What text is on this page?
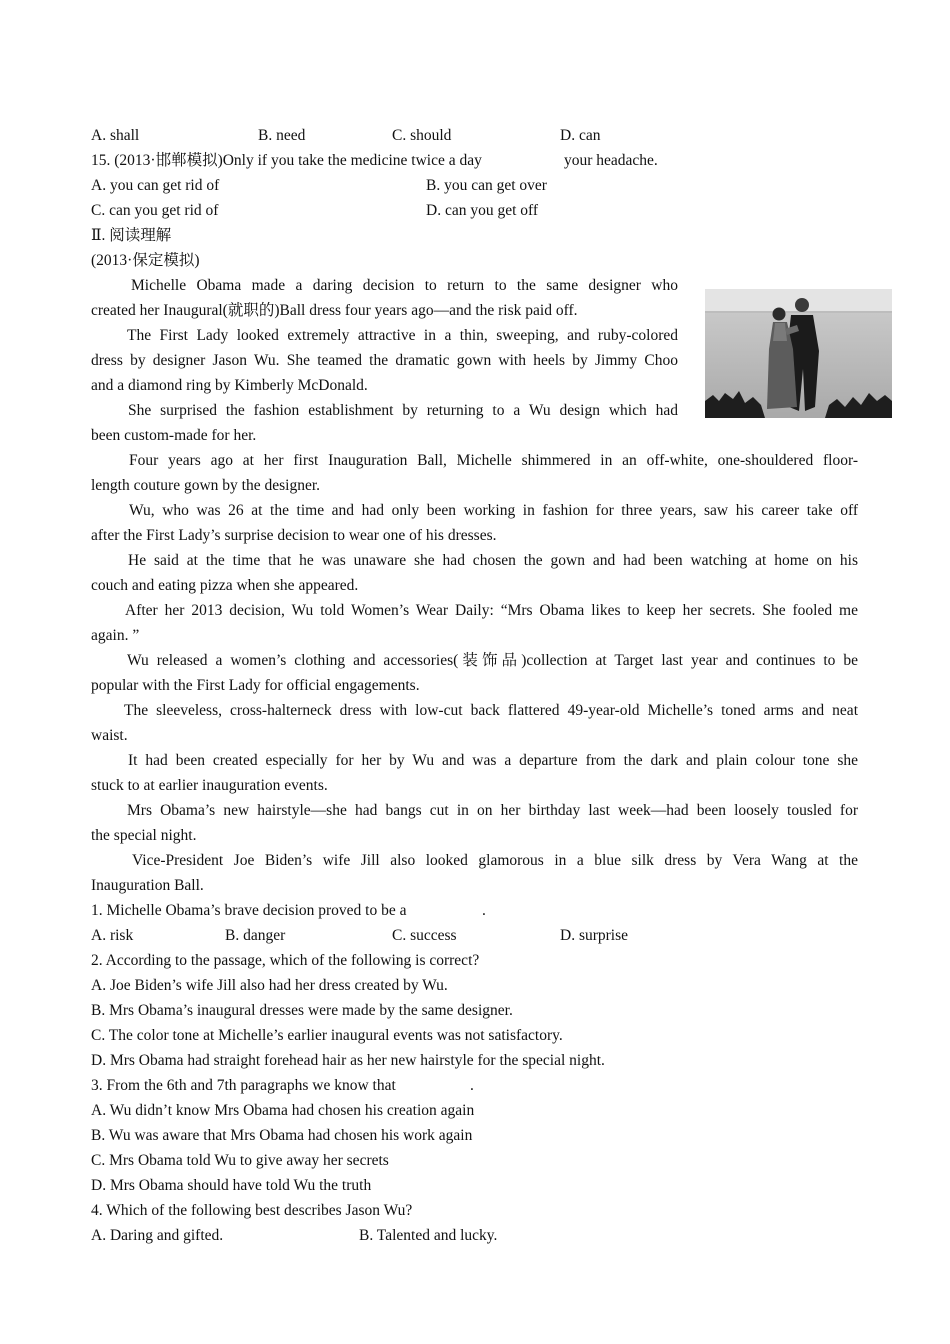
A. shall	B. need	C. should	D. can
15. (2013·邯郸模拟)Only if you take the medicine twice a day	your headache.
A. you can get rid of	B. you can get over
C. can you get rid of	D. can you get off
Ⅱ. 阅读理解
(2013·保定模拟)
Michelle Obama made a daring decision to return to the same designer who
created her Inaugural(就职的)Ball dress four years ago—and the risk paid off.
The First Lady looked extremely attractive in a thin, sweeping, and ruby-colored
dress by designer Jason Wu. She teamed the dramatic gown with heels by Jimmy Choo
and a diamond ring by Kimberly McDonald.
She surprised the fashion establishment by returning to a Wu design which had
been custom-made for her.
Four years ago at her first Inauguration Ball, Michelle shimmered in an off-white, one-shouldered floor-
length couture gown by the designer.
Wu, who was 26 at the time and had only been working in fashion for three years, saw his career take off
after the First Lady’s surprise decision to wear one of his dresses.
He said at the time that he was unaware she had chosen the gown and had been watching at home on his
couch and eating pizza when she appeared.
After her 2013 decision, Wu told Women’s Wear Daily: “Mrs Obama likes to keep her secrets. She fooled me
again. ”
Wu released a women’s clothing and accessories(装饰品)collection at Target last year and continues to be
popular with the First Lady for official engagements.
The sleeveless, cross-halterneck dress with low-cut back flattered 49-year-old Michelle’s toned arms and neat
waist.
It had been created especially for her by Wu and was a departure from the dark and plain colour tone she
stuck to at earlier inauguration events.
Mrs Obama’s new hairstyle—she had bangs cut in on her birthday last week—had been loosely tousled for
the special night.
Vice-President Joe Biden’s wife Jill also looked glamorous in a blue silk dress by Vera Wang at the
Inauguration Ball.
1. Michelle Obama’s brave decision proved to be a	.
A. risk	B. danger	C. success	D. surprise
2. According to the passage, which of the following is correct?
A. Joe Biden’s wife Jill also had her dress created by Wu.
B. Mrs Obama’s inaugural dresses were made by the same designer.
C. The color tone at Michelle’s earlier inaugural events was not satisfactory.
D. Mrs Obama had straight forehead hair as her new hairstyle for the special night.
3. From the 6th and 7th paragraphs we know that	.
A. Wu didn’t know Mrs Obama had chosen his creation again
B. Wu was aware that Mrs Obama had chosen his work again
C. Mrs Obama told Wu to give away her secrets
D. Mrs Obama should have told Wu the truth
4. Which of the following best describes Jason Wu?
A. Daring and gifted.	B. Talented and lucky.
